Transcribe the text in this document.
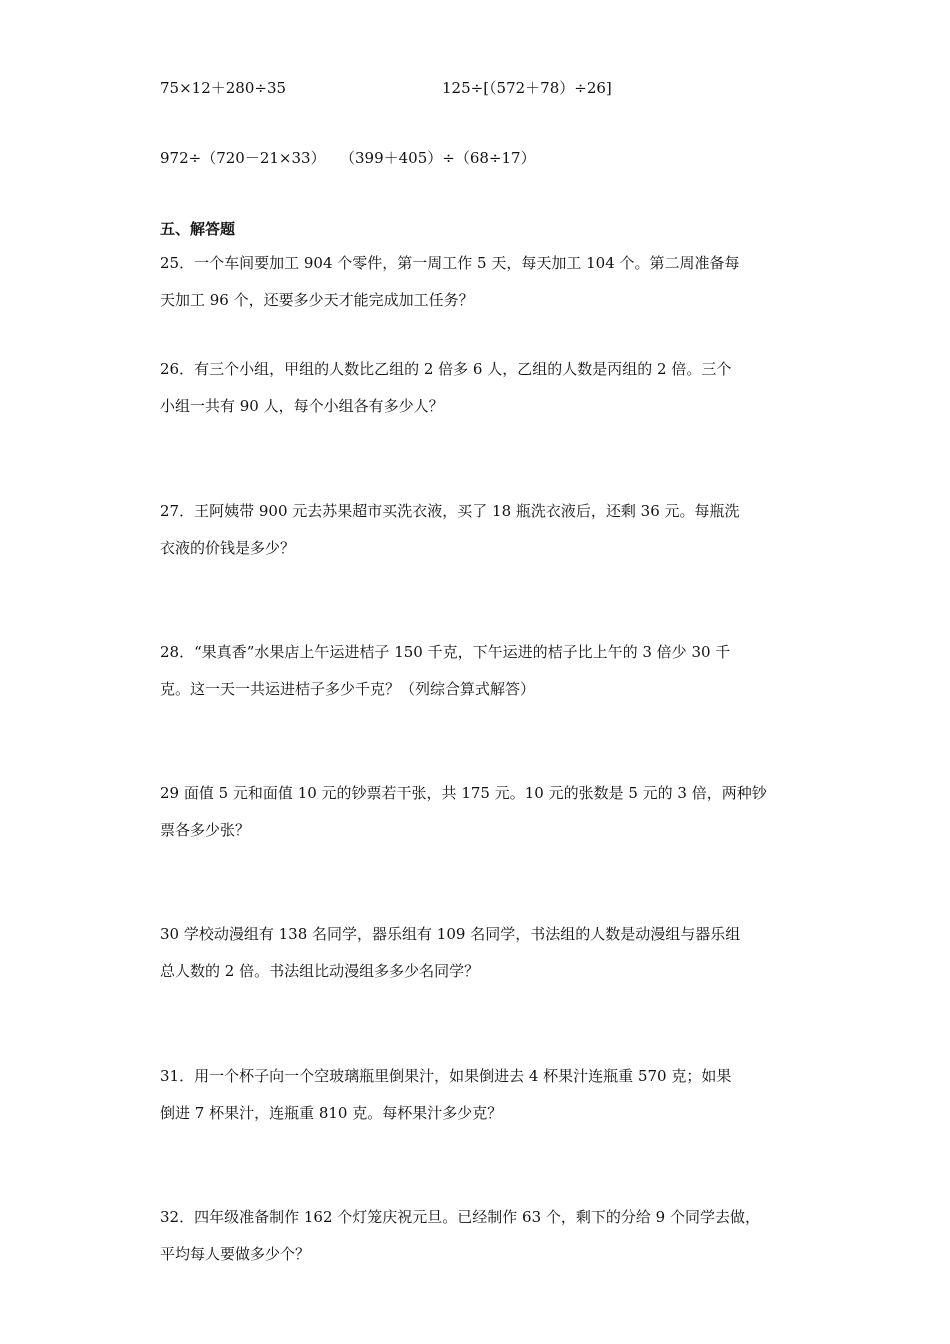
75×12＋280÷35	125÷[（572＋78）÷26]
972÷（720－21×33） （399＋405）÷（68÷17）
五、解答题
25．一个车间要加工 904 个零件，第一周工作 5 天，每天加工 104 个。第二周准备每
天加工 96 个，还要多少天才能完成加工任务？
26．有三个小组，甲组的人数比乙组的 2 倍多 6 人，乙组的人数是丙组的 2 倍。三个
小组一共有 90 人，每个小组各有多少人？
27．王阿姨带 900 元去苏果超市买洗衣液，买了 18 瓶洗衣液后，还剩 36 元。每瓶洗
衣液的价钱是多少？
28．“果真香”水果店上午运进桔子 150 千克，下午运进的桔子比上午的 3 倍少 30 千
克。这一天一共运进桔子多少千克？（列综合算式解答）
29 面值 5 元和面值 10 元的钞票若干张，共 175 元。10 元的张数是 5 元的 3 倍，两种钞
票各多少张？
30 学校动漫组有 138 名同学，器乐组有 109 名同学，书法组的人数是动漫组与器乐组
总人数的 2 倍。书法组比动漫组多多少名同学？
31．用一个杯子向一个空玻璃瓶里倒果汁，如果倒进去 4 杯果汁连瓶重 570 克；如果
倒进 7 杯果汁，连瓶重 810 克。每杯果汁多少克？
32．四年级准备制作 162 个灯笼庆祝元旦。已经制作 63 个，剩下的分给 9 个同学去做，
平均每人要做多少个？
